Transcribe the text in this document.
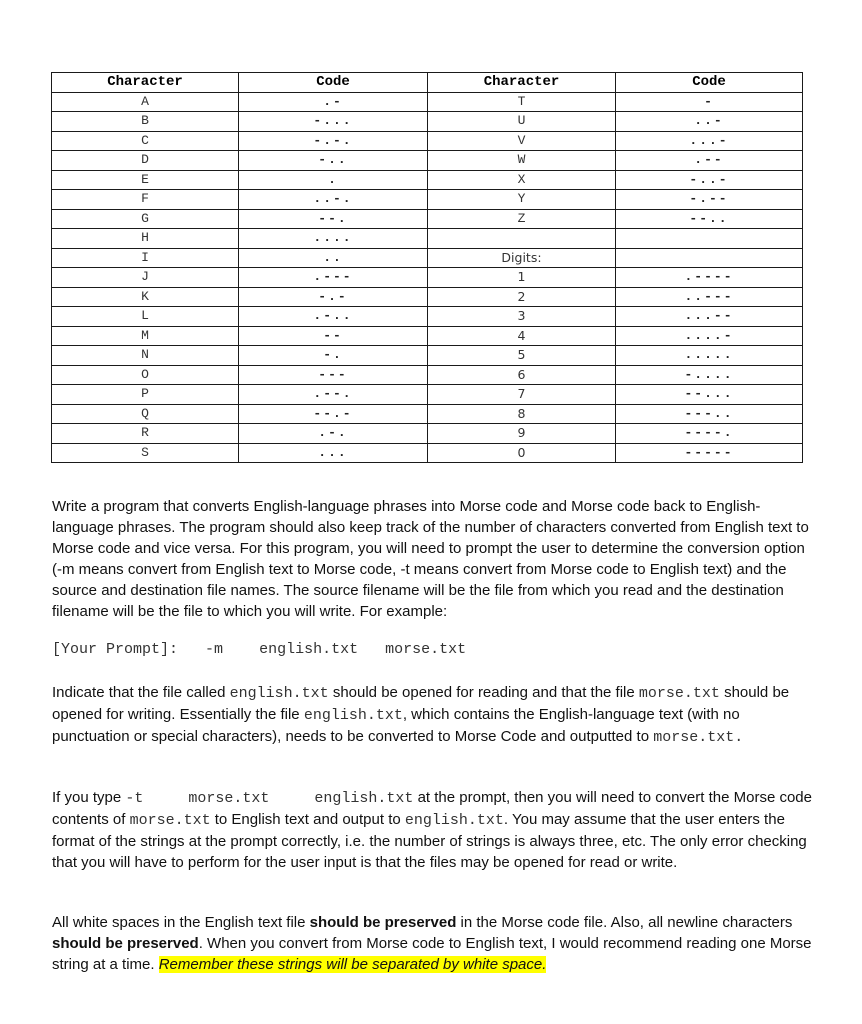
Character	Code	Character	Code
A	.-	T	-
B	-...	U	..-
C	-.-.	V	...-
D	-..	W	.--
E	.	X	-..-
F	..-.	Y	-.--
G	--.	Z	--..
H	....		
I	..	Digits:	
J	.---	1	.----
K	-.-	2	..---
L	.-..	3	...--
M	--	4	....-
N	-.	5	.....
O	---	6	-....
P	.--.	7	--...
Q	--.-	8	---..
R	.-.	9	----.
S	...	0	-----
Write a program that converts English-language phrases into Morse code and Morse code back to English-language phrases. The program should also keep track of the number of characters converted from English text to Morse code and vice versa. For this program, you will need to prompt the user to determine the conversion option (-m means convert from English text to Morse code, -t means convert from Morse code to English text) and the source and destination file names. The source filename will be the file from which you read and the destination filename will be the file to which you will write. For example:
[Your Prompt]: -m english.txt morse.txt
Indicate that the file called english.txt should be opened for reading and that the file morse.txt should be opened for writing. Essentially the file english.txt, which contains the English-language text (with no punctuation or special characters), needs to be converted to Morse Code and outputted to morse.txt.
If you type -t     morse.txt     english.txt at the prompt, then you will need to convert the Morse code contents of morse.txt to English text and output to english.txt. You may assume that the user enters the format of the strings at the prompt correctly, i.e. the number of strings is always three, etc. The only error checking that you will have to perform for the user input is that the files may be opened for read or write.
All white spaces in the English text file should be preserved in the Morse code file. Also, all newline characters should be preserved. When you convert from Morse code to English text, I would recommend reading one Morse string at a time. Remember these strings will be separated by white space.
